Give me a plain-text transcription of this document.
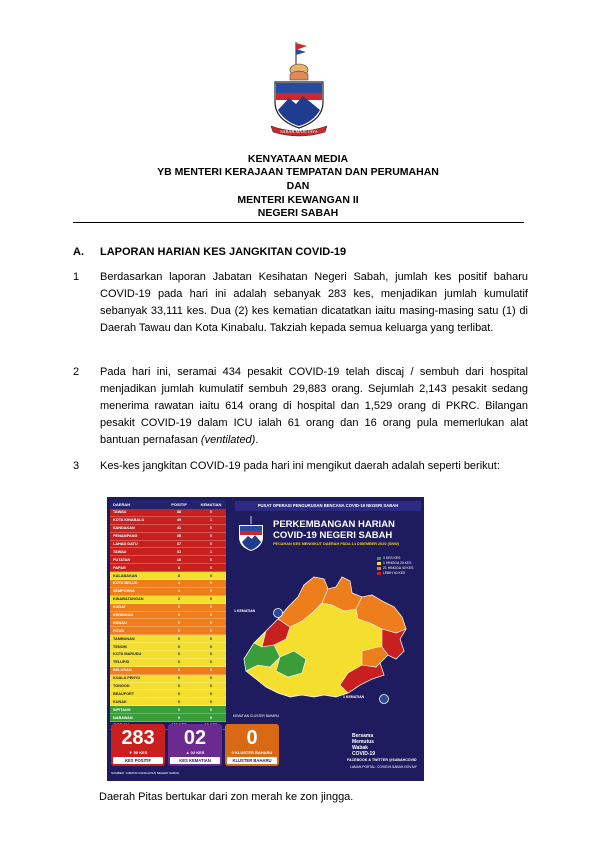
SABAH MAJU JAYA
KENYATAAN MEDIA
YB MENTERI KERAJAAN TEMPATAN DAN PERUMAHAN
DAN
MENTERI KEWANGAN II
NEGERI SABAH
A. LAPORAN HARIAN KES JANGKITAN COVID-19
1 Berdasarkan laporan Jabatan Kesihatan Negeri Sabah, jumlah kes positif baharu COVID-19 pada hari ini adalah sebanyak 283 kes, menjadikan jumlah kumulatif sebanyak 33,111 kes. Dua (2) kes kematian dicatatkan iaitu masing-masing satu (1) di Daerah Tawau dan Kota Kinabalu. Takziah kepada semua keluarga yang terlibat.
2 Pada hari ini, seramai 434 pesakit COVID-19 telah discaj / sembuh dari hospital menjadikan jumlah kumulatif sembuh 29,883 orang. Sejumlah 2,143 pesakit sedang menerima rawatan iaitu 614 orang di hospital dan 1,529 orang di PKRC. Bilangan pesakit COVID-19 dalam ICU ialah 61 orang dan 16 orang pula memerlukan alat bantuan pernafasan (ventilated).
3 Kes-kes jangkitan COVID-19 pada hari ini mengikut daerah adalah seperti berikut:
DAERAH	POSITIF	KEMATIAN
TAWAU	88	0
KOTA KINABALU	49	1
SANDAKAN	41	0
PENAMPANG	35	0
LAHAD DATU	37	0
TAWAU	31	1
PUTATAN	10	0
PAPAR	8	0
KALABAKAN	8	0
KOTA BELUD	4	0
SEMPORNA	4	0
KINABATANGAN	2	0
KUDAT	0	0
KENINGAU	0	0
RANAU	0	0
PITAS	0	0
TAMBUNAN	0	0
TENOM	0	0
KOTA MARUDU	0	0
TELUPID	0	0
BELURAN	0	0
KUALA PENYU	0	0
TONGOD	0	0
BEAUFORT	0	0
KUNAK	0	0
SIPITANG	0	0
NABAWAN	0	0
283
▼ 50 KES
KES POSITIF
02
▲ 02 KES
KES KEMATIAN
0
0 KLUSTER BAHARU
KLUSTER BAHARU
PUSAT OPERASI PENGURUSAN BENCANA COVID-19 NEGERI SABAH
PERKEMBANGAN HARIAN
COVID-19 NEGERI SABAH
PECAHAN KES MENGIKUT DAERAH PADA 14 DISEMBER 2020 (SNW)
0 KES KES
1 HINGGA 20 KES
21 HINGGA 40 KES
LEBIH 40 KES
1 KEMATIAN
1 KEMATIAN
KEMATIAN CLUSTER BAHARU
Bersama
Memutus
Wabak
COVID-19
FACEBOOK & TWITTER @SABAHCOVID
LAMAN PORTAL: COVID19.SABAH.GOV.MY
SUMBER: JABATAN KESIHATAN NEGERI SABAH
Daerah Pitas bertukar dari zon merah ke zon jingga.
